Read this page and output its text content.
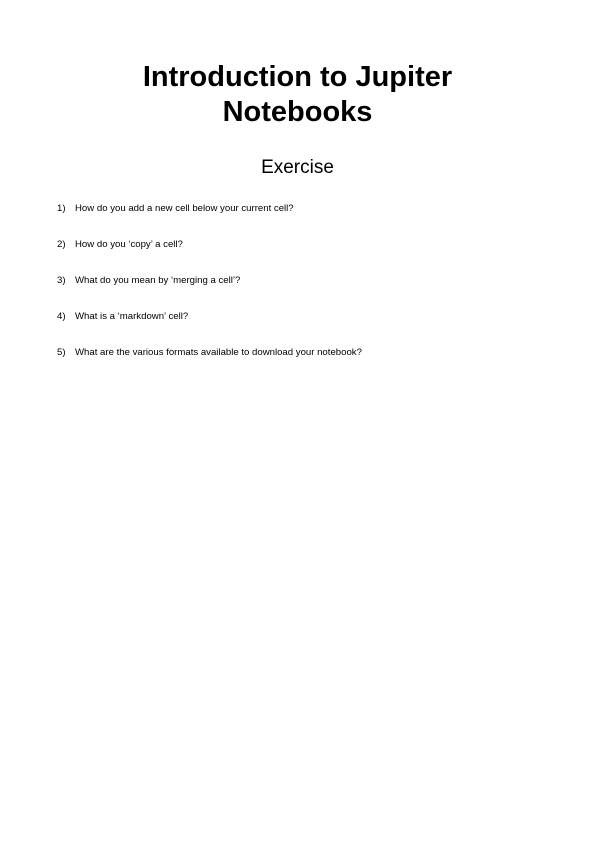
Introduction to Jupiter
Notebooks
Exercise
1) How do you add a new cell below your current cell?
2) How do you ‘copy’ a cell?
3) What do you mean by ‘merging a cell’?
4) What is a ‘markdown’ cell?
5) What are the various formats available to download your notebook?
